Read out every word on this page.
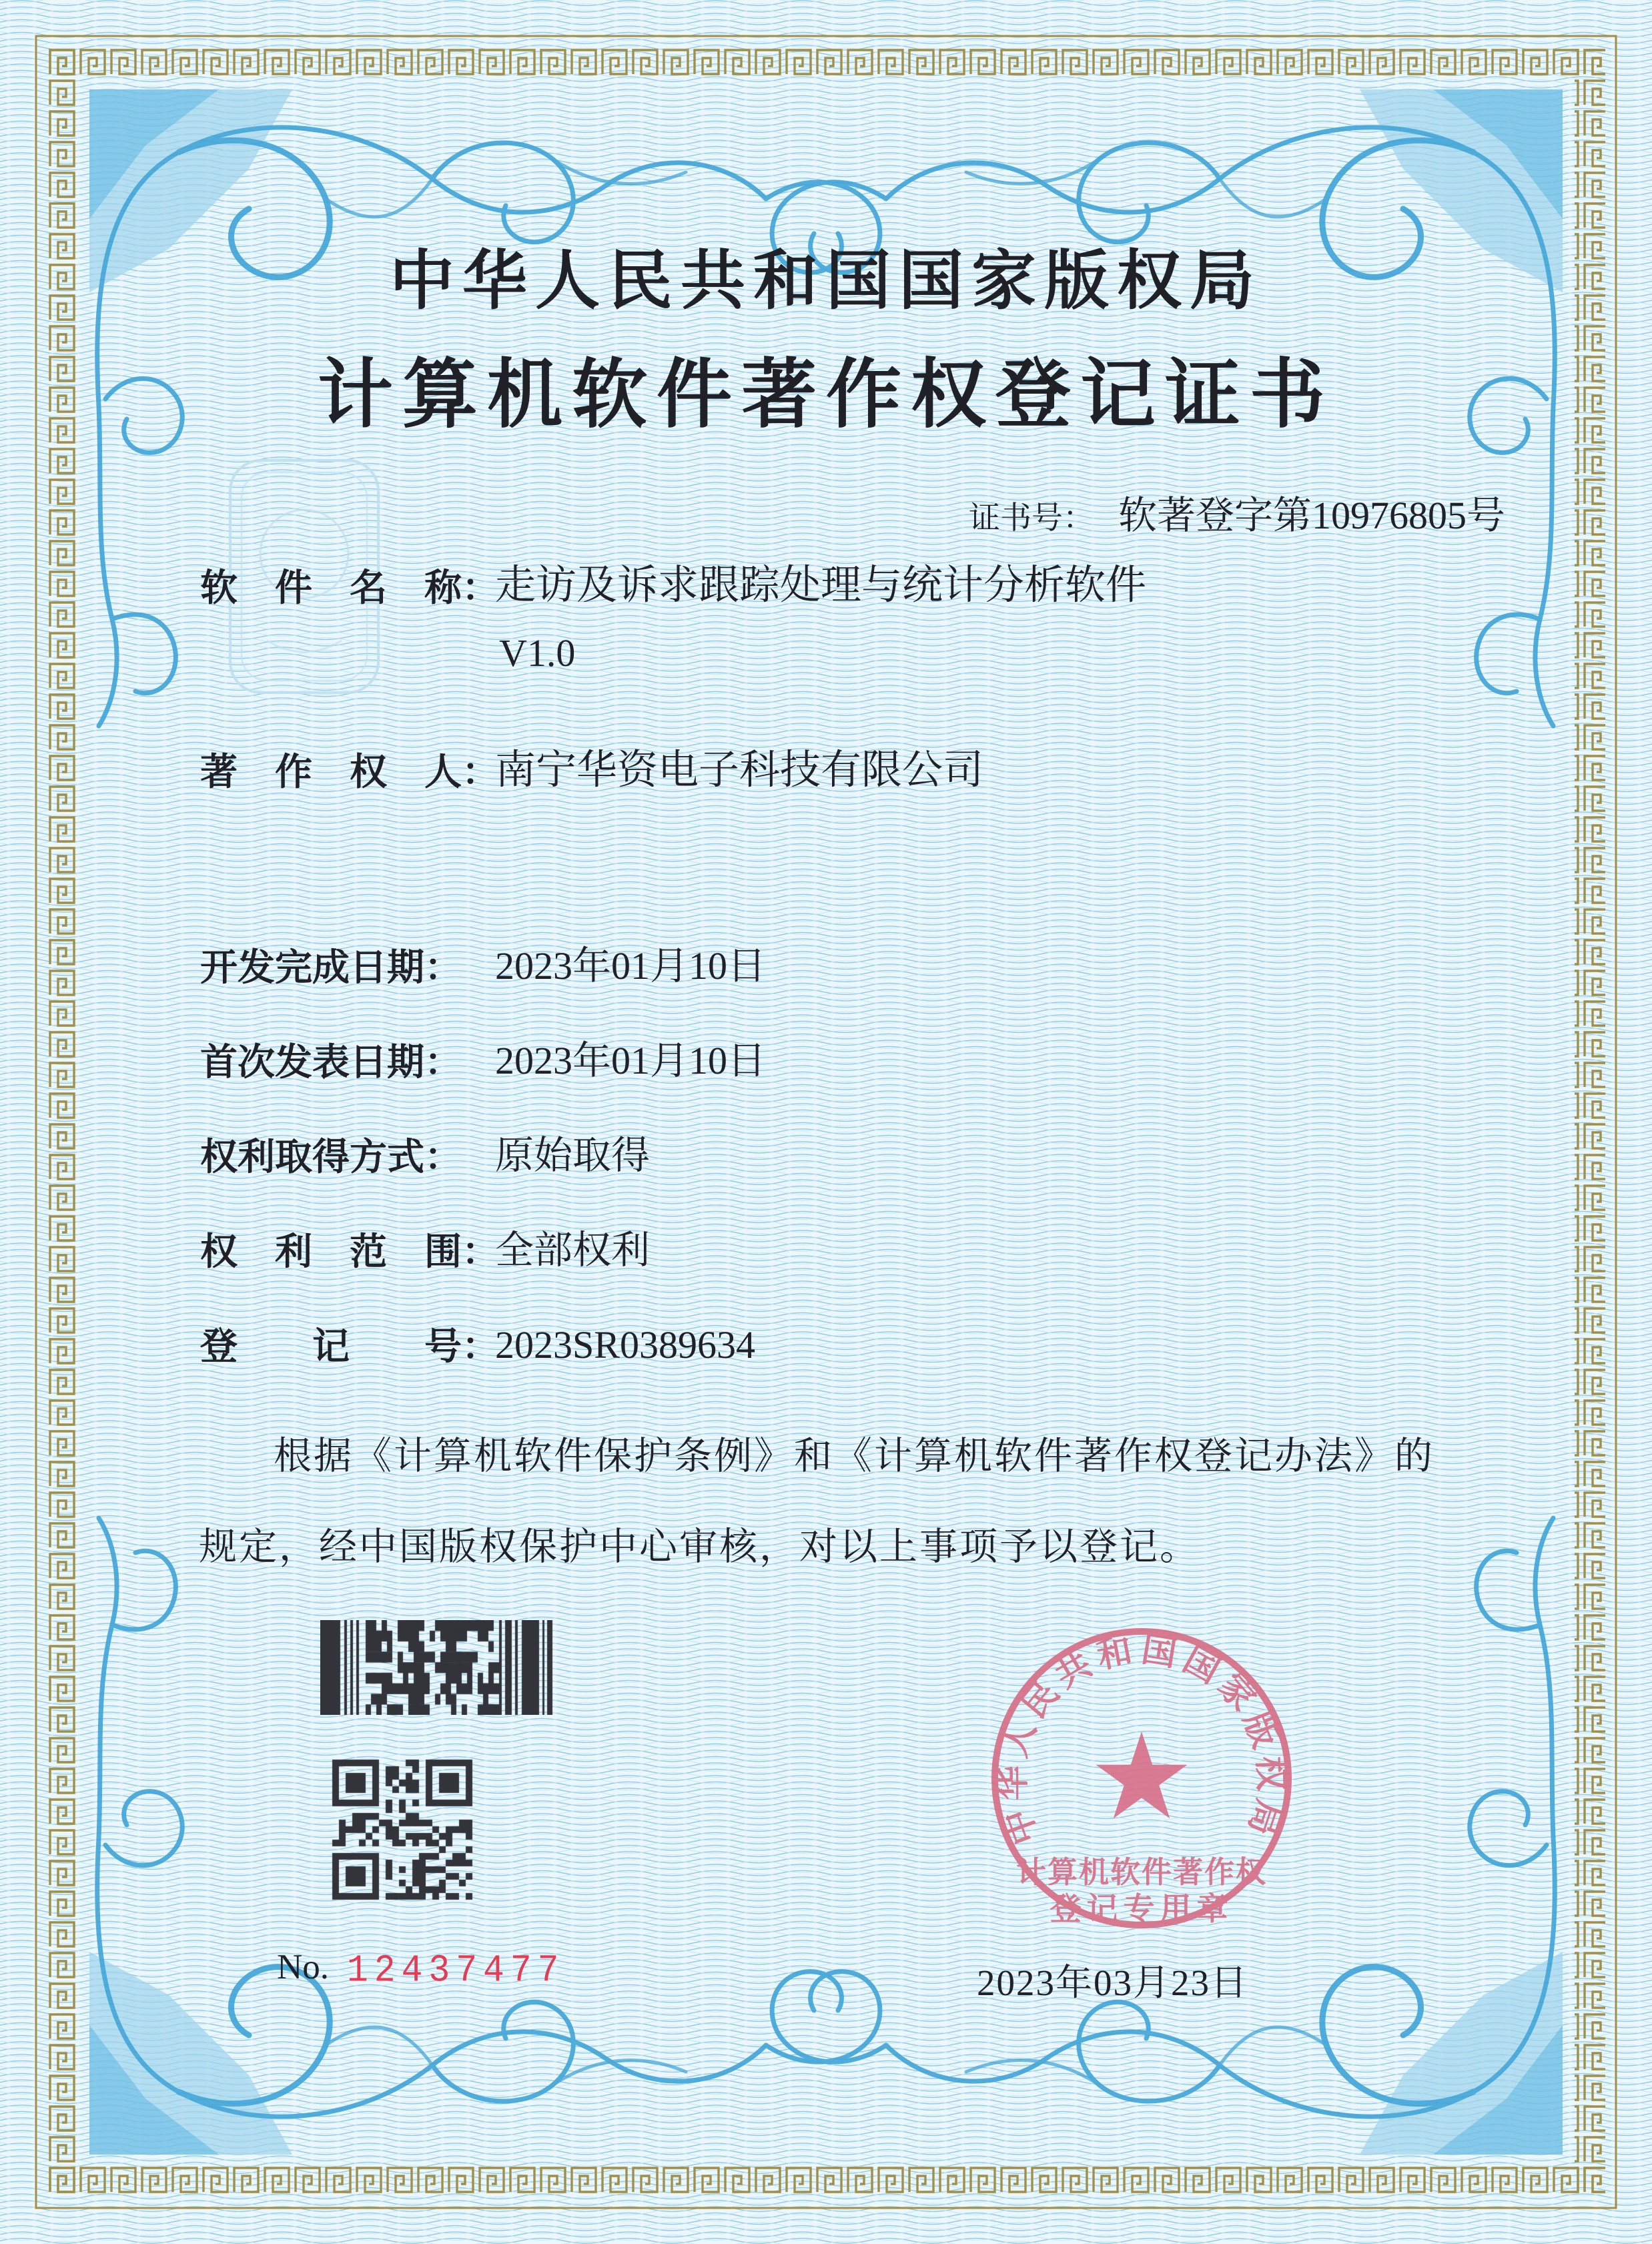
中华人民共和国国家版权局
计算机软件著作权登记证书
证书号： 软著登字第10976805号
软　件　名　称：
走访及诉求跟踪处理与统计分析软件
V1.0
著　作　权　人：
南宁华资电子科技有限公司
开发完成日期： 2023年01月10日
首次发表日期： 2023年01月10日
权利取得方式： 原始取得
权　利　范　围：
全部权利
登　　记　　号：
2023SR0389634
根据《计算机软件保护条例》和《计算机软件著作权登记办法》的
规定，经中国版权保护中心审核，对以上事项予以登记。
No. 12437477
中华人民共和国国家版权局
计算机软件著作权
登记专用章
2023年03月23日
